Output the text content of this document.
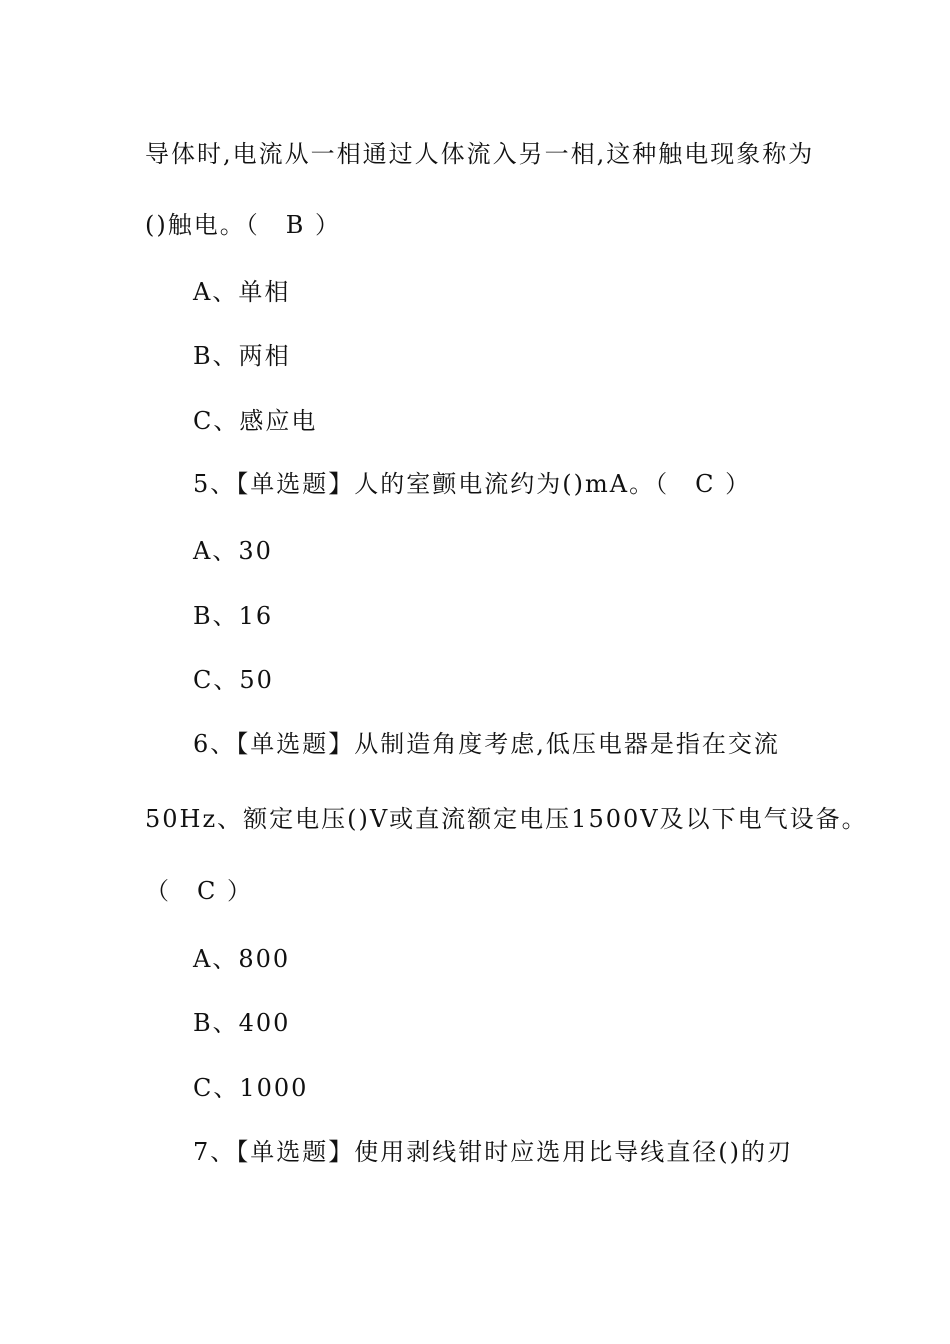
导体时,电流从一相通过人体流入另一相,这种触电现象称为
()触电。（　B ）
A、单相
B、两相
C、感应电
5、【单选题】人的室颤电流约为()mA。（　C ）
A、30
B、16
C、50
6、【单选题】从制造角度考虑,低压电器是指在交流
50Hz、额定电压()V或直流额定电压1500V及以下电气设备。
（　C ）
A、800
B、400
C、1000
7、【单选题】使用剥线钳时应选用比导线直径()的刃
